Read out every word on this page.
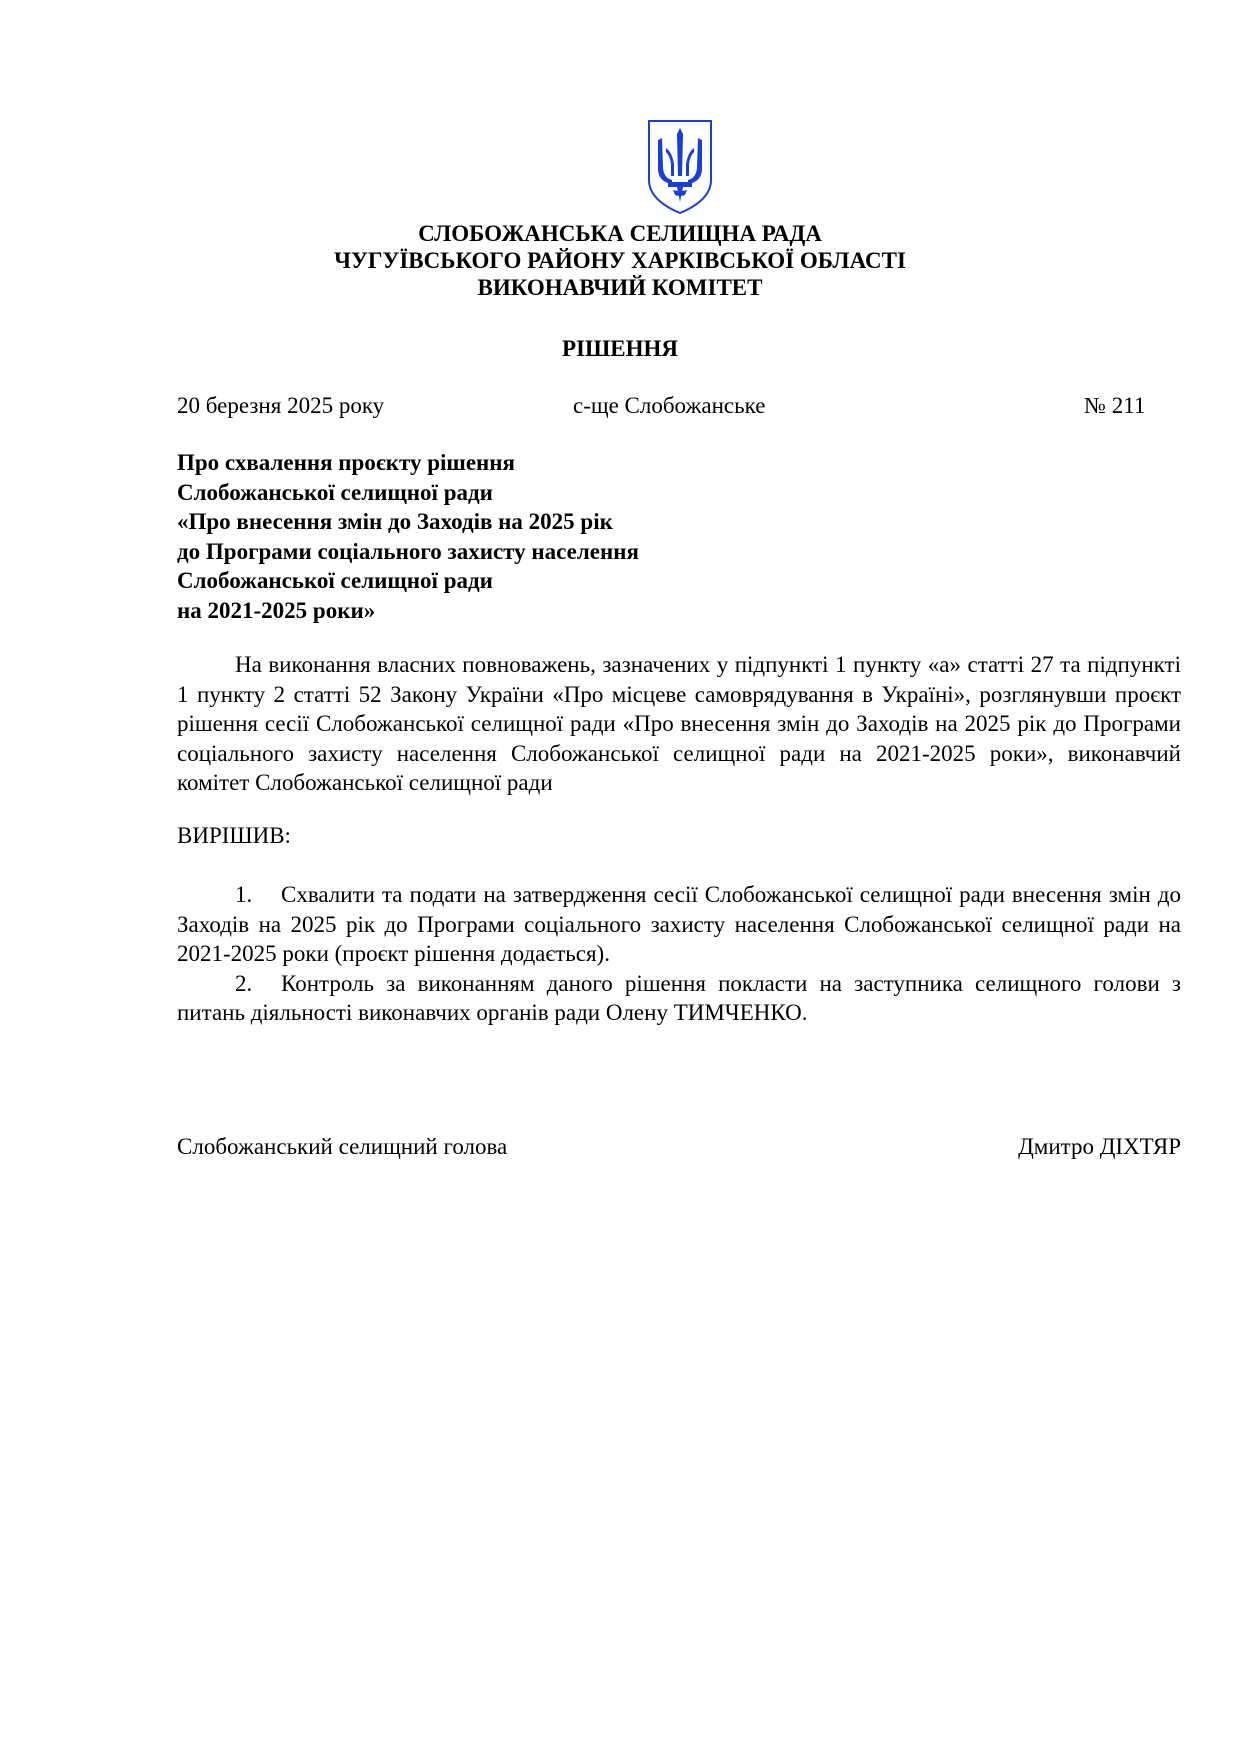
СЛОБОЖАНСЬКА СЕЛИЩНА РАДА
ЧУГУЇВСЬКОГО РАЙОНУ ХАРКІВСЬКОЇ ОБЛАСТІ
ВИКОНАВЧИЙ КОМІТЕТ
РІШЕННЯ
20 березня 2025 року	с-ще Слобожанське	№ 211
Про схвалення проєкту рішення
Слобожанської селищної ради
«Про внесення змін до Заходів на 2025 рік
до Програми соціального захисту населення
Слобожанської селищної ради
на 2021-2025 роки»
На виконання власних повноважень, зазначених у підпункті 1 пункту «а» статті 27 та підпункті 1 пункту 2 статті 52 Закону України «Про місцеве самоврядування в Україні», розглянувши проєкт рішення сесії Слобожанської селищної ради «Про внесення змін до Заходів на 2025 рік до Програми соціального захисту населення Слобожанської селищної ради на 2021-2025 роки», виконавчий комітет Слобожанської селищної ради
ВИРІШИВ:
1. Схвалити та подати на затвердження сесії Слобожанської селищної ради внесення змін до Заходів на 2025 рік до Програми соціального захисту населення Слобожанської селищної ради на 2021-2025 роки (проєкт рішення додається).
2. Контроль за виконанням даного рішення покласти на заступника селищного голови з питань діяльності виконавчих органів ради Олену ТИМЧЕНКО.
Слобожанський селищний голова	Дмитро ДІХТЯР
